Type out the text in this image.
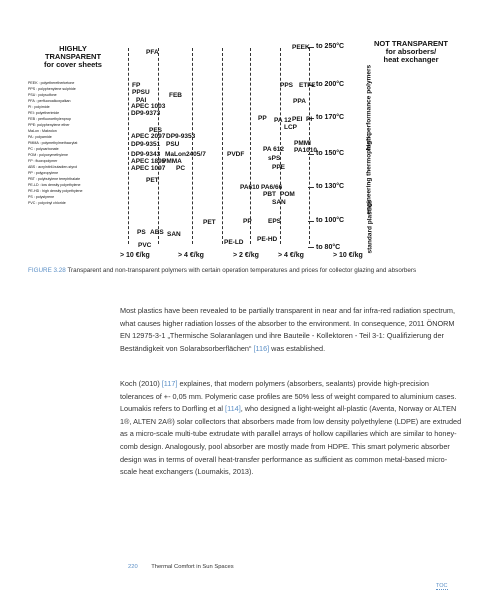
HIGHLY
TRANSPARENT
for cover sheets
NOT TRANSPARENT
for absorbers/
heat exchanger
PEEK : polyetheretherketone
PPS : polyphenylene sulphide
PSU : polysulfone
PFA : perfluoroalkoxyalkan
PI : polyimide
PEI: polyetherimide
FEB : perfluoroethylenprop
PPE: polyphenylene ether
MaLon : Makrolon
PA : polyamide
PMMA : polymethylmethacrylat
PC : polycarbonate
POM : polyoxymethylene
FP : fluoropolymer
ABS : acrylnitril-butadien-styrol
PP : polypropylene
PBT : polybutylene terephthalate
PE-LD : low density polyethylene
PE-HD : high density polyethylene
PS : polystyrene
PVC : polyvinyl chloride
to 250°C
to 200°C
to 170°C
to 150°C
to 130°C
to 100°C
to 80°C
high performance polymers
engineering thermoplastic
standard plastics
> 10 €/kg	> 4 €/kg	> 2 €/kg	> 4 €/kg	> 10 €/kg
PFA
PEEK
FP
PPSU
PAI
FEB
APEC 1003
DP9-9373
PPS ETFE
PPA
PP PA 12 PEI PI
LCP
PES
APEC 2097 DP9-9353
DP9-9351 PSU
PA 612
PMMI
PA1010
DP9-9343 MaLon2405/7	PVDF
APEC 1895
PMMA	sPS
APEC 1097 PC	PPE
PET
PA610 PA6/66
PBT POM
SAN
PET	PP	EPS
PS ABS SAN
PE-HD
PVC	PE-LD
FIGURE 3.28 Transparent and non-transparent polymers with certain operation temperatures and prices for collector glazing and absorbers
Most plastics have been revealed to be partially transparent in near and far infra-red radiation spectrum, what causes higher radiation losses of the absorber to the environment. In consequence, 2011 ÖNORM EN 12975-3-1 „Thermische Solaranlagen und ihre Bauteile - Kollektoren - Teil 3-1: Qualifizierung der Beständigkeit von Solarabsorberflächen“ [116] was established.
Koch (2010) [117] explaines, that modern polymers (absorbers, sealants) provide high-precision tolerances of +- 0,05 mm. Polymeric case profiles are 50% less of weight compared to aluminium cases. Loumakis refers to Dorfling et al [114], who designed a light-weight all-plastic (Aventa, Norway or ALTEN 1®, ALTEN 2A®) solar collectors that absorbers made from low density polyethylene (LDPE) are extruded as a micro-scale multi-tube extrudate with parallel arrays of hollow capillaries which are similar to honey-comb design. Analogously, pool absorber are mostly made from HDPE. This smart polymeric absorber design was in terms of overall heat-transfer performance as sufficient as common metal-based micro-scale heat exchangers (Loumakis, 2013).
220 Thermal Comfort in Sun Spaces
TOC
